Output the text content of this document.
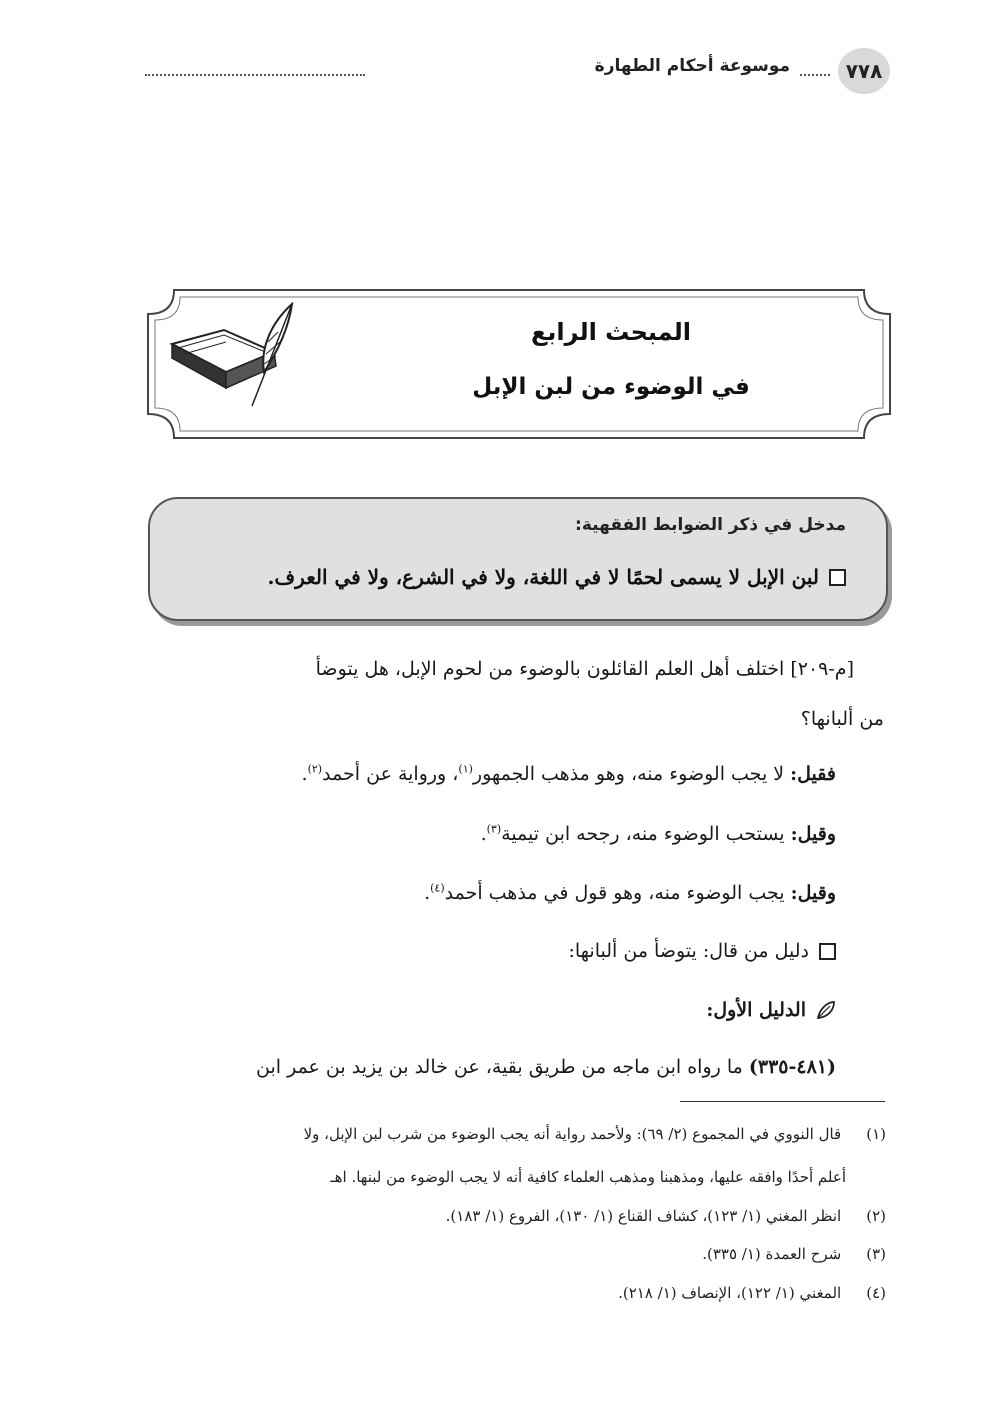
٧٧٨
موسوعة أحكام الطهارة
المبحث الرابع
في الوضوء من لبن الإبل
مدخل في ذكر الضوابط الفقهية:
لبن الإبل لا يسمى لحمًا لا في اللغة، ولا في الشرع، ولا في العرف.
[م-٢٠٩] اختلف أهل العلم القائلون بالوضوء من لحوم الإبل، هل يتوضأ
من ألبانها؟
فقيل: لا يجب الوضوء منه، وهو مذهب الجمهور$^{(١)}$، ورواية عن أحمد$^{(٢)}$.
وقيل: يستحب الوضوء منه، رجحه ابن تيمية$^{(٣)}$.
وقيل: يجب الوضوء منه، وهو قول في مذهب أحمد$^{(٤)}$.
دليل من قال: يتوضأ من ألبانها:
الدليل الأول:
(٤٨١-٣٣٥) ما رواه ابن ماجه من طريق بقية، عن خالد بن يزيد بن عمر ابن
(١) قال النووي في المجموع (٢/ ٦٩): ولأحمد رواية أنه يجب الوضوء من شرب لبن الإبل، ولا
أعلم أحدًا وافقه عليها، ومذهبنا ومذهب العلماء كافية أنه لا يجب الوضوء من لبنها. اهـ
(٢) انظر المغني (١/ ١٢٣)، كشاف القناع (١/ ١٣٠)، الفروع (١/ ١٨٣).
(٣) شرح العمدة (١/ ٣٣٥).
(٤) المغني (١/ ١٢٢)، الإنصاف (١/ ٢١٨).
